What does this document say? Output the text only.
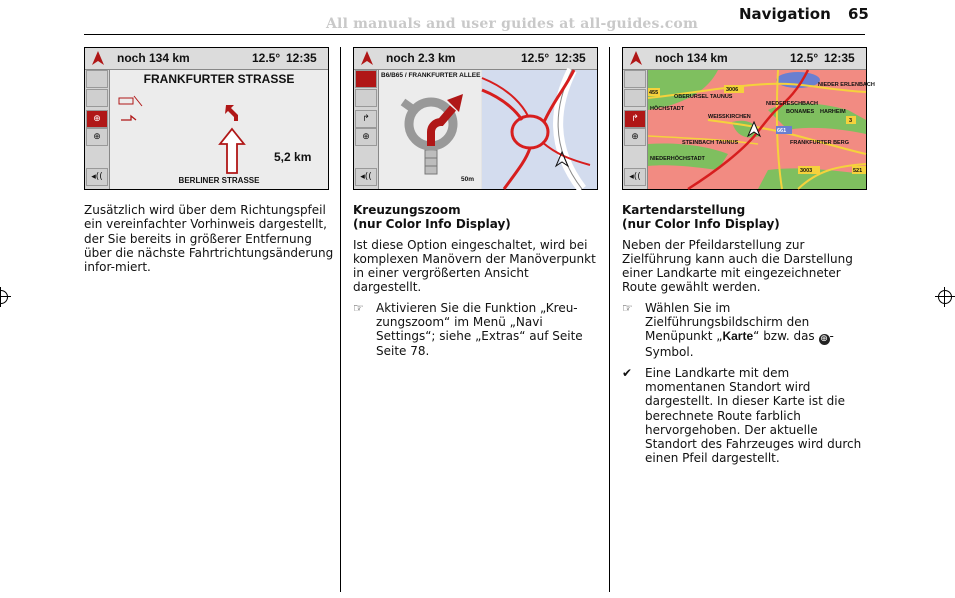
All manuals and user guides at all-guides.com
Navigation 65
noch 134 km	12.5° 12:35
⊕
⊕
◂((
FRANKFURTER STRASSE
5,2 km
BERLINER STRASSE
noch 2.3 km	12.5° 12:35
↱
⊕
◂((
B6/B65 / FRANKFURTER ALLEE
50m
noch 134 km	12.5° 12:35
↱
⊕
◂((
OBERURSEL TAUNUS
HÖCHSTADT
WEISSKIRCHEN
NIEDERESCHBACH
BONAMES HARHEIM
NIEDER ERLENBACH
STEINBACH TAUNUS	FRANKFURTER BERG
NIEDERHÖCHSTADT
3006
455
661
3003
3
521

Zusätzlich wird über dem Richtungspfeil ein vereinfachter Vorhinweis dargestellt, der Sie bereits in größerer Entfernung über die nächste Fahrtrichtungsänderung infor-miert.

Kreuzungszoom

(nur Color Info Display)

Ist diese Option eingeschaltet, wird bei komplexen Manövern der Manöverpunkt in einer vergrößerten Ansicht dargestellt.

☞ Aktivieren Sie die Funktion „Kreu-zungszoom“ im Menü „Navi Settings“; siehe „Extras“ auf Seite Seite 78.

Kartendarstellung

(nur Color Info Display)

Neben der Pfeildarstellung zur Zielführung kann auch die Darstellung einer Landkarte mit eingezeichneter Route gewählt werden.

☞ Wählen Sie im Zielführungsbildschirm den Menüpunkt „Karte“ bzw. das ⊕ -Symbol.
✔ Eine Landkarte mit dem momentanen Standort wird dargestellt. In dieser Karte ist die berechnete Route farblich hervorgehoben. Der aktuelle Standort des Fahrzeuges wird durch einen Pfeil dargestellt.
